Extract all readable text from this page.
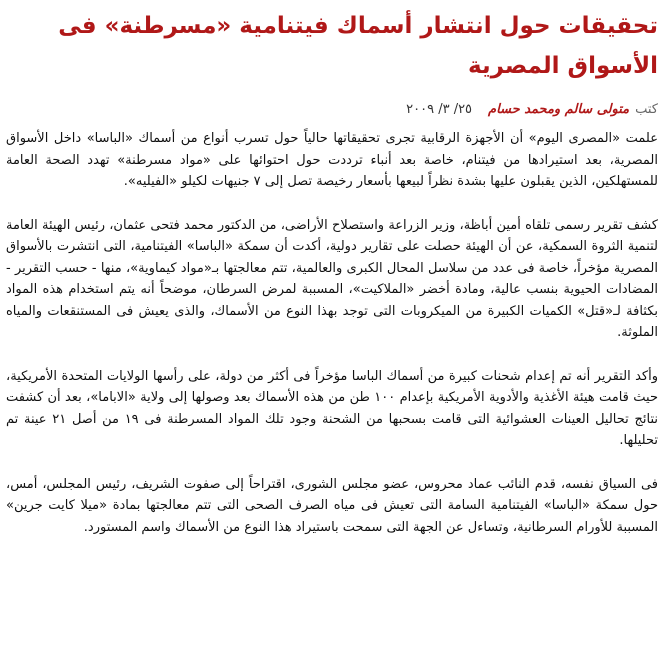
تحقيقات حول انتشار أسماك فيتنامية «مسرطنة» فى الأسواق المصرية
كتب
متولى سالم ومحمد حسام
٢٥/ ٣/ ٢٠٠٩

علمت «المصرى اليوم» أن الأجهزة الرقابية تجرى تحقيقاتها حالياً حول تسرب أنواع من أسماك «الباسا» داخل الأسواق المصرية، بعد استيرادها من فيتنام، خاصة بعد أنباء ترددت حول احتوائها على «مواد مسرطنة» تهدد الصحة العامة للمستهلكين، الذين يقبلون عليها بشدة نظراً لبيعها بأسعار رخيصة تصل إلى ٧ جنيهات لكيلو «الفيليه».

كشف تقرير رسمى تلقاه أمين أباظة، وزير الزراعة واستصلاح الأراضى، من الدكتور محمد فتحى عثمان، رئيس الهيئة العامة لتنمية الثروة السمكية، عن أن الهيئة حصلت على تقارير دولية، أكدت أن سمكة «الباسا» الفيتنامية، التى انتشرت بالأسواق المصرية مؤخراً، خاصة فى عدد من سلاسل المحال الكبرى والعالمية، تتم معالجتها بـ«مواد كيماوية»، منها - حسب التقرير - المضادات الحيوية بنسب عالية، ومادة أخضر «الملاكيت»، المسببة لمرض السرطان، موضحاً أنه يتم استخدام هذه المواد بكثافة لـ«قتل» الكميات الكبيرة من الميكروبات التى توجد بهذا النوع من الأسماك، والذى يعيش فى المستنقعات والمياه الملوثة.

وأكد التقرير أنه تم إعدام شحنات كبيرة من أسماك الباسا مؤخراً فى أكثر من دولة، على رأسها الولايات المتحدة الأمريكية، حيث قامت هيئة الأغذية والأدوية الأمريكية بإعدام ١٠٠ طن من هذه الأسماك بعد وصولها إلى ولاية «الاباما»، بعد أن كشفت نتائج تحاليل العينات العشوائية التى قامت بسحبها من الشحنة وجود تلك المواد المسرطنة فى ١٩ من أصل ٢١ عينة تم تحليلها.

فى السياق نفسه، قدم النائب عماد محروس، عضو مجلس الشورى، اقتراحاً إلى صفوت الشريف، رئيس المجلس، أمس، حول سمكة «الباسا» الفيتنامية السامة التى تعيش فى مياه الصرف الصحى التى تتم معالجتها بمادة «ميلا كايت جرين» المسببة للأورام السرطانية، وتساءل عن الجهة التى سمحت باستيراد هذا النوع من الأسماك واسم المستورد.
